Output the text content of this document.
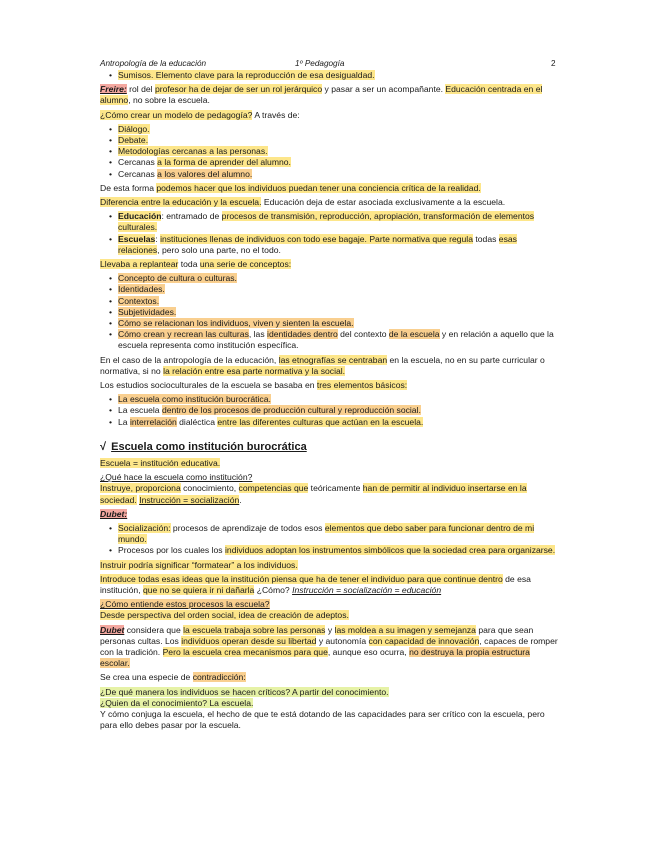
Antropología de la educación	1º Pedagogía	2
• Sumisos. Elemento clave para la reproducción de esa desigualdad.

Freire: rol del profesor ha de dejar de ser un rol jerárquico y pasar a ser un acompañante. Educación centrada en el alumno, no sobre la escuela.

¿Cómo crear un modelo de pedagogía? A través de:

• Diálogo.
• Debate.
• Metodologías cercanas a las personas.
• Cercanas a la forma de aprender del alumno.
• Cercanas a los valores del alumno.

De esta forma podemos hacer que los individuos puedan tener una conciencia crítica de la realidad.

Diferencia entre la educación y la escuela. Educación deja de estar asociada exclusivamente a la escuela.

• Educación: entramado de procesos de transmisión, reproducción, apropiación, transformación de elementos culturales.
• Escuelas: instituciones llenas de individuos con todo ese bagaje. Parte normativa que regula todas esas relaciones, pero solo una parte, no el todo.

Llevaba a replantear toda una serie de conceptos:

• Concepto de cultura o culturas.
• Identidades.
• Contextos.
• Subjetividades.
• Cómo se relacionan los individuos, viven y sienten la escuela.
• Cómo crean y recrean las culturas, las identidades dentro del contexto de la escuela y en relación a aquello que la escuela representa como institución específica.

En el caso de la antropología de la educación, las etnografías se centraban en la escuela, no en su parte curricular o normativa, si no la relación entre esa parte normativa y la social.

Los estudios socioculturales de la escuela se basaba en tres elementos básicos:

• La escuela como institución burocrática.
• La escuela dentro de los procesos de producción cultural y reproducción social.
• La interrelación dialéctica entre las diferentes culturas que actúan en la escuela.
√ Escuela como institución burocrática

Escuela = institución educativa.

¿Qué hace la escuela como institución?

Instruye, proporciona conocimiento, competencias que teóricamente han de permitir al individuo insertarse en la sociedad. Instrucción = socialización.

Dubet:

• Socialización: procesos de aprendizaje de todos esos elementos que debo saber para funcionar dentro de mi mundo.
• Procesos por los cuales los individuos adoptan los instrumentos simbólicos que la sociedad crea para organizarse.

Instruir podría significar “formatear” a los individuos.

Introduce todas esas ideas que la institución piensa que ha de tener el individuo para que continue dentro de esa institución, que no se quiera ir ni dañarla ¿Cómo? Instrucción = socialización = educación

¿Cómo entiende estos procesos la escuela?

Desde perspectiva del orden social, idea de creación de adeptos.

Dubet considera que la escuela trabaja sobre las personas y las moldea a su imagen y semejanza para que sean personas cultas. Los individuos operan desde su libertad y autonomía con capacidad de innovación, capaces de romper con la tradición. Pero la escuela crea mecanismos para que, aunque eso ocurra, no destruya la propia estructura escolar.

Se crea una especie de contradicción:

¿De qué manera los individuos se hacen críticos? A partir del conocimiento.

¿Quien da el conocimiento? La escuela.

Y cómo conjuga la escuela, el hecho de que te está dotando de las capacidades para ser crítico con la escuela, pero para ello debes pasar por la escuela.
